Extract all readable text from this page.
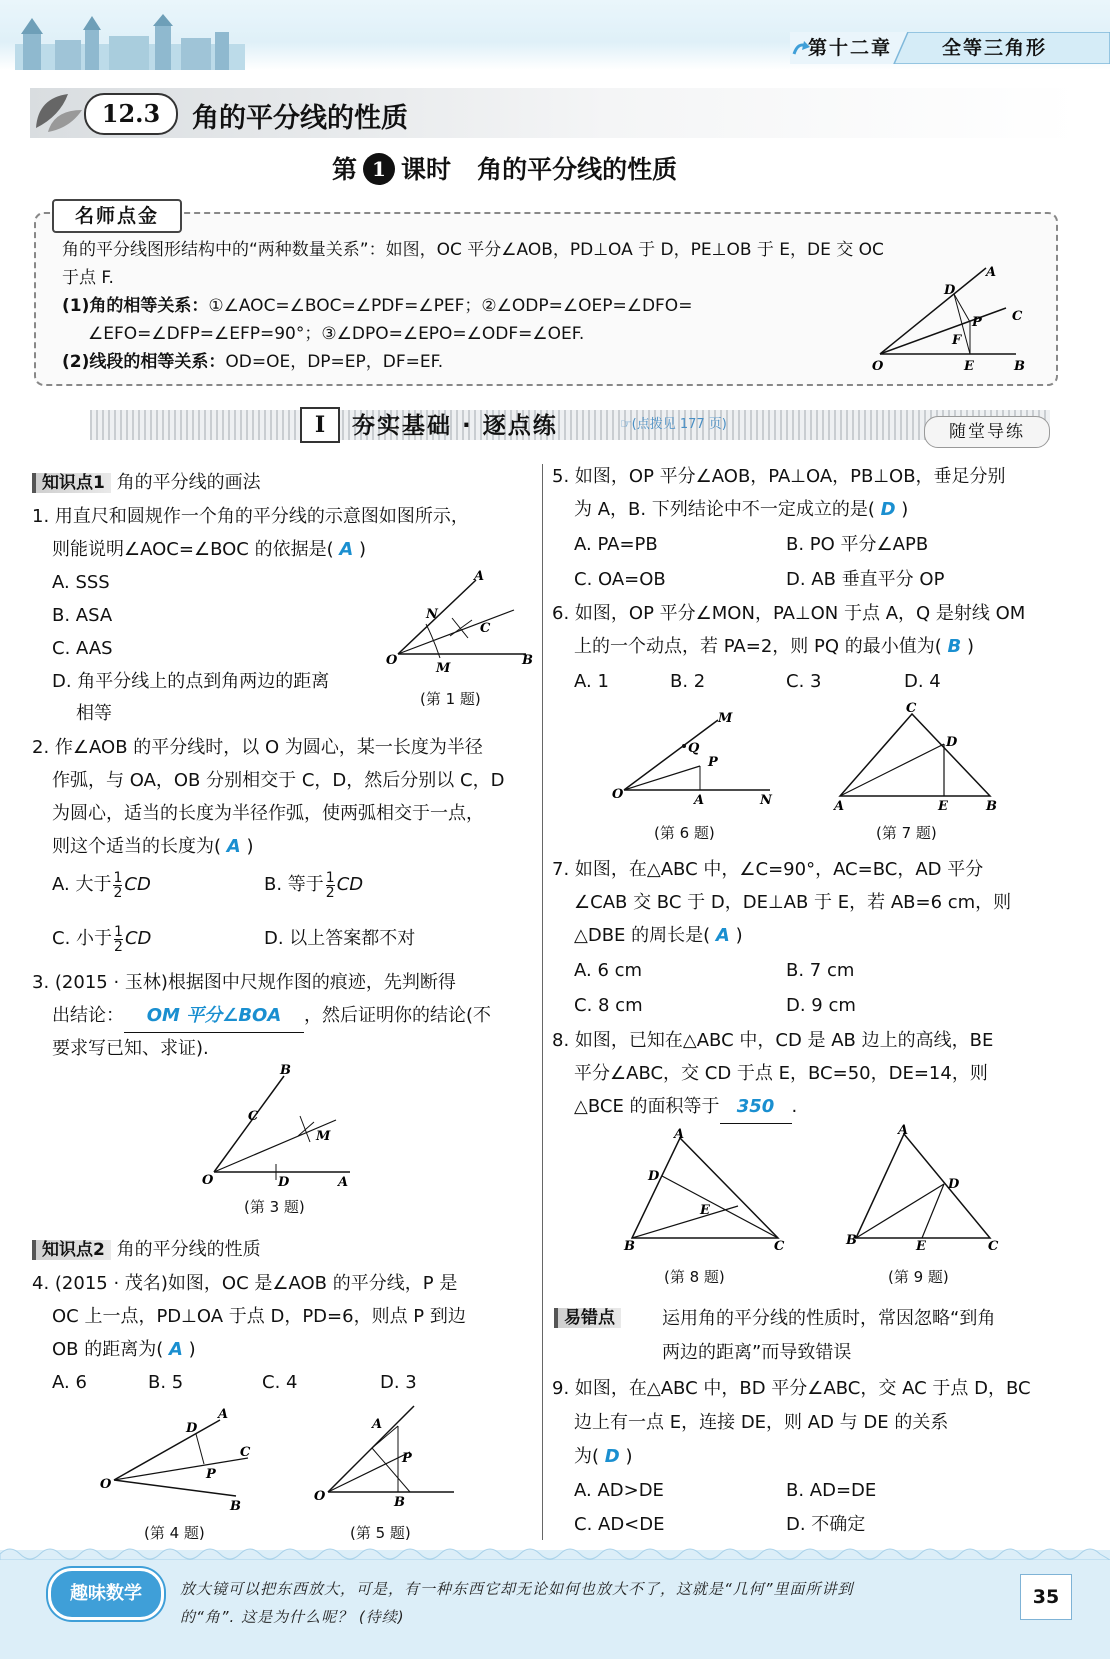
第十二章	全等三角形
12.3	角的平分线的性质
第 1 课时 角的平分线的性质
名师点金
角的平分线图形结构中的“两种数量关系”：如图，OC 平分∠AOB，PD⊥OA 于 D，PE⊥OB 于 E，DE 交 OC
于点 F.
(1)角的相等关系：①∠AOC=∠BOC=∠PDF=∠PEF；②∠ODP=∠OEP=∠DFO=
∠EFO=∠DFP=∠EFP=90°；③∠DPO=∠EPO=∠ODF=∠OEF.
(2)线段的相等关系：OD=OE，DP=EP，DF=EF.	O
A
C
D
P
F
E	B
I	夯实基础 · 逐点练	☞(点拨见 177 页)	随堂导练
知识点1 角的平分线的画法
1. 用直尺和圆规作一个角的平分线的示意图如图所示，
则能说明∠AOC=∠BOC 的依据是( A )
A. SSS
B. ASA
C. AAS
D. 角平分线上的点到角两边的距离
相等
O
A
N
C
M
B
(第 1 题)
2. 作∠AOB 的平分线时，以 O 为圆心，某一长度为半径
作弧，与 OA，OB 分别相交于 C，D，然后分别以 C，D
为圆心，适当的长度为半径作弧，使两弧相交于一点，
则这个适当的长度为( A )
A. 大于 $\frac{1}{2}$ CD	B. 等于 $\frac{1}{2}$ CD
C. 小于 $\frac{1}{2}$ CD	D. 以上答案都不对
3. (2015 · 玉林)根据图中尺规作图的痕迹，先判断得
出结论： OM 平分∠BOA ，然后证明你的结论(不
要求写已知、求证).
O
B
C
M
D	A
(第 3 题)
知识点2 角的平分线的性质
4. (2015 · 茂名)如图，OC 是∠AOB 的平分线，P 是
OC 上一点，PD⊥OA 于点 D，PD=6，则点 P 到边
OB 的距离为( A )
A. 6	B. 5	C. 4	D. 3
O
A
D
C
P
B
(第 4 题)
O
A
P
B
(第 5 题)
5. 如图，OP 平分∠AOB，PA⊥OA，PB⊥OB，垂足分别
为 A，B. 下列结论中不一定成立的是( D )
A. PA=PB	B. PO 平分∠APB
C. OA=OB	D. AB 垂直平分 OP
6. 如图，OP 平分∠MON，PA⊥ON 于点 A，Q 是射线 OM
上的一个动点，若 PA=2，则 PQ 的最小值为( B )
A. 1	B. 2	C. 3	D. 4
O
M
Q
P
A	N
(第 6 题)
C
D
A	E	B
(第 7 题)
7. 如图，在△ABC 中，∠C=90°，AC=BC，AD 平分
∠CAB 交 BC 于 D，DE⊥AB 于 E，若 AB=6 cm，则
△DBE 的周长是( A )
A. 6 cm	B. 7 cm
C. 8 cm	D. 9 cm
8. 如图，已知在△ABC 中，CD 是 AB 边上的高线，BE
平分∠ABC，交 CD 于点 E，BC=50，DE=14，则
△BCE 的面积等于 350 .
A
D
E
B	C
(第 8 题)
A
D
B	E	C
(第 9 题)
易错点	运用角的平分线的性质时，常因忽略“到角
两边的距离”而导致错误
9. 如图，在△ABC 中，BD 平分∠ABC，交 AC 于点 D，BC
边上有一点 E，连接 DE，则 AD 与 DE 的关系
为( D )
A. AD>DE	B. AD=DE
C. AD<DE	D. 不确定
趣味数学	放大镜可以把东西放大，可是，有一种东西它却无论如何也放大不了，这就是“几何”里面所讲到
的“角”. 这是为什么呢？ (待续)
35
